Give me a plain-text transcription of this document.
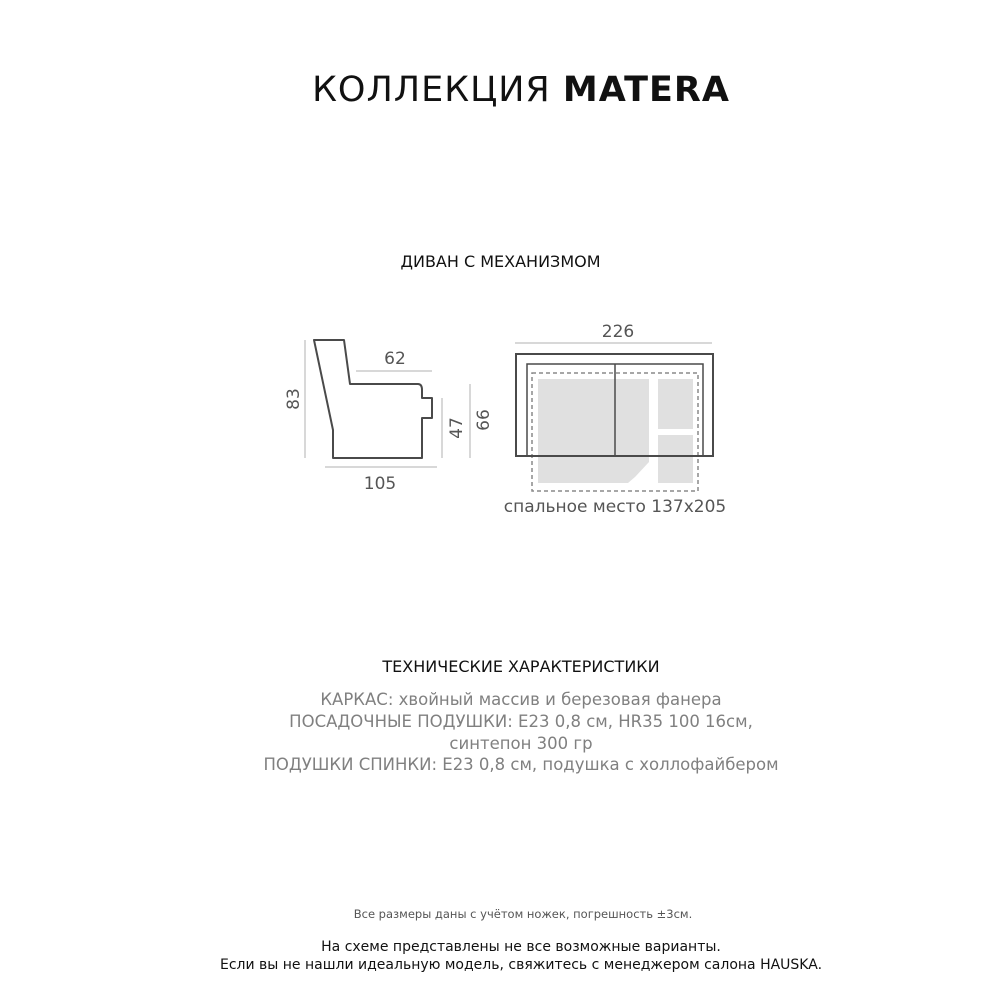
КОЛЛЕКЦИЯ MATERA
ДИВАН С МЕХАНИЗМОМ
83
62
105
47 66
226
спальное место 137х205
ТЕХНИЧЕСКИЕ ХАРАКТЕРИСТИКИ
КАРКАС: хвойный массив и березовая фанера
ПОСАДОЧНЫЕ ПОДУШКИ: Е23 0,8 см, HR35 100 16см,
синтепон 300 гр
ПОДУШКИ СПИНКИ: Е23 0,8 см, подушка с холлофайбером
Все размеры даны с учётом ножек, погрешность ±3см.
На схеме представлены не все возможные варианты.
Если вы не нашли идеальную модель, свяжитесь с менеджером салона HAUSKA.
